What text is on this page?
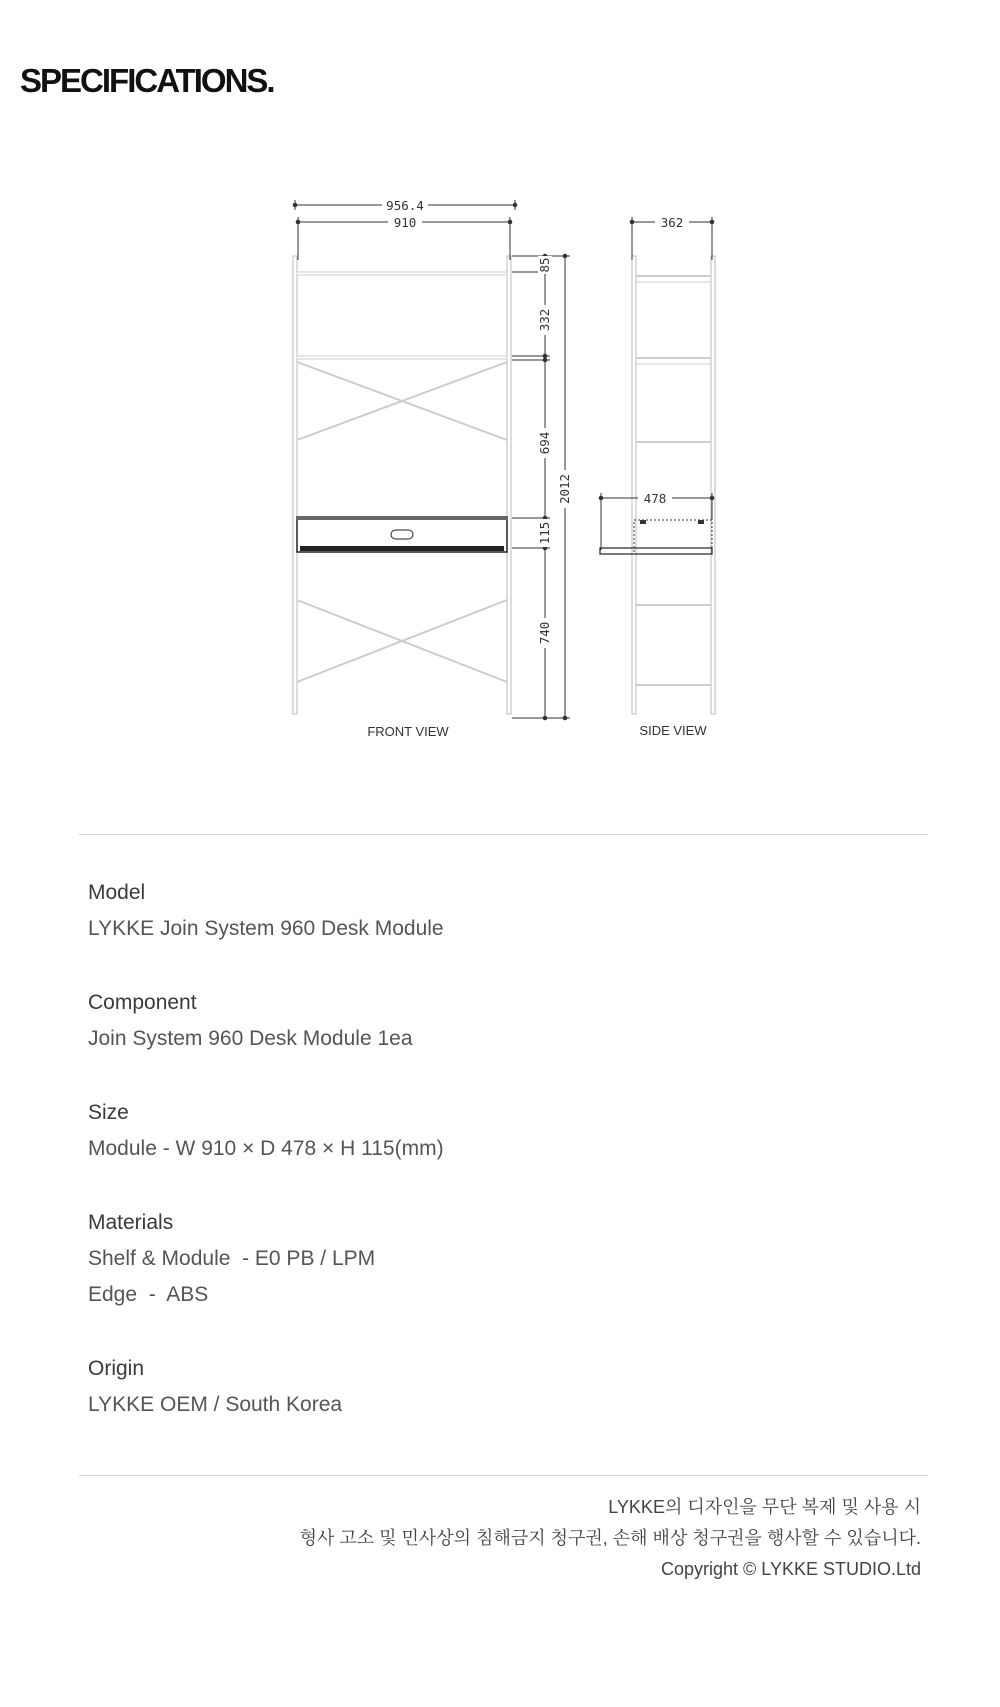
SPECIFICATIONS.
956.4
910	362
478
85
332
694
2012
115
740
FRONT VIEW	SIDE VIEW
Model
LYKKE Join System 960 Desk Module
Component
Join System 960 Desk Module 1ea
Size
Module - W 910 × D 478 × H 115(mm)
Materials
Shelf & Module  - E0 PB / LPM
Edge  -  ABS
Origin
LYKKE OEM / South Korea
LYKKE의 디자인을 무단 복제 및 사용 시
형사 고소 및 민사상의 침해금지 청구권, 손해 배상 청구권을 행사할 수 있습니다.
Copyright © LYKKE STUDIO.Ltd
